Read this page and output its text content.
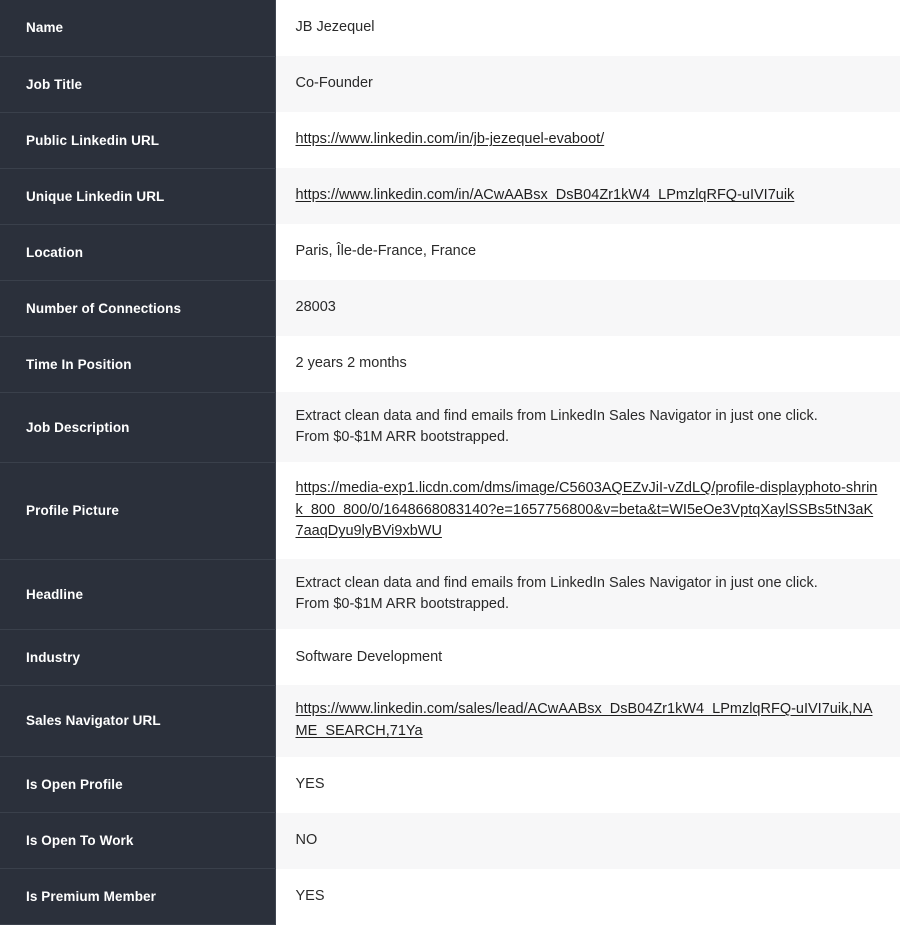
Name	JB Jezequel

Job Title	Co-Founder

Public Linkedin URL	https://www.linkedin.com/in/jb-jezequel-evaboot/
Unique Linkedin URL	https://www.linkedin.com/in/ACwAABsx_DsB04Zr1kW4_LPmzlqRFQ-uIVI7uik
Location	Paris, Île-de-France, France

Number of Connections	28003

Time In Position	2 years 2 months

Job Description	Extract clean data and find emails from LinkedIn Sales Navigator in just one click.
From $0-$1M ARR bootstrapped.

Profile Picture	https://media-exp1.licdn.com/dms/image/C5603AQEZvJiI-vZdLQ/profile-displayphoto-shrink_800_800/0/1648668083140?e=1657756800&v=beta&t=WI5eOe3VptqXaylSSBs5tN3aK7aaqDyu9lyBVi9xbWU
Headline	Extract clean data and find emails from LinkedIn Sales Navigator in just one click.
From $0-$1M ARR bootstrapped.

Industry	Software Development

Sales Navigator URL	https://www.linkedin.com/sales/lead/ACwAABsx_DsB04Zr1kW4_LPmzlqRFQ-uIVI7uik,NAME_SEARCH,71Ya
Is Open Profile	YES

Is Open To Work	NO

Is Premium Member	YES
